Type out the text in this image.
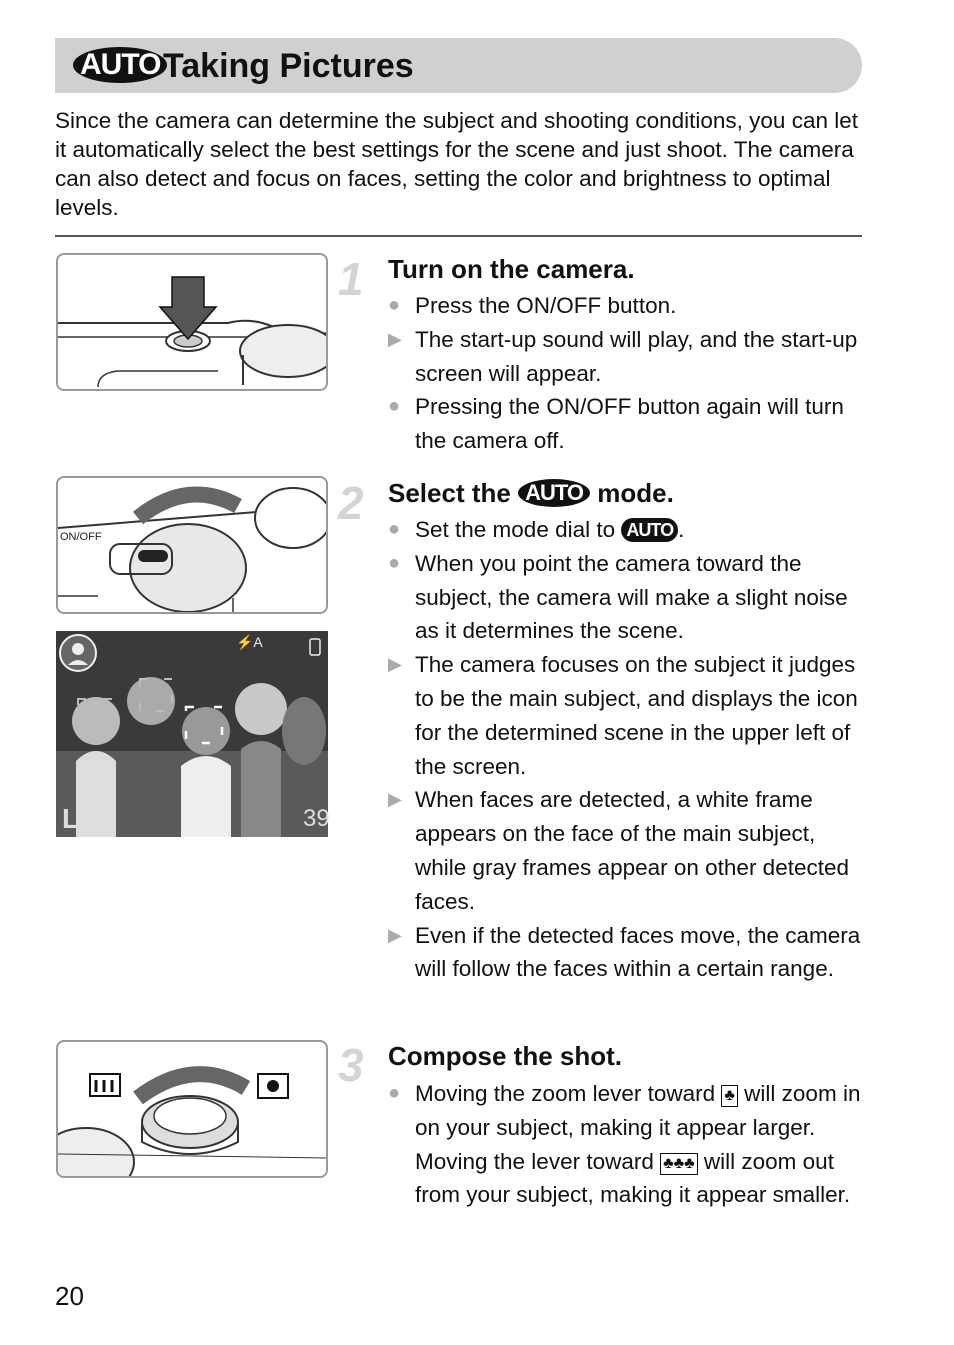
AUTO Taking Pictures

Since the camera can determine the subject and shooting conditions, you can let it automatically select the best settings for the scene and just shoot. The camera can also detect and focus on faces, setting the color and brightness to optimal levels.

1 Turn on the camera.
● Press the ON/OFF button.
▶ The start-up sound will play, and the start-up screen will appear.
● Pressing the ON/OFF button again will turn the camera off.
ON/OFF
⚡A
L	39
2 Select the AUTO mode.
● Set the mode dial to AUTO .
● When you point the camera toward the subject, the camera will make a slight noise as it determines the scene.
▶ The camera focuses on the subject it judges to be the main subject, and displays the icon for the determined scene in the upper left of the screen.
▶ When faces are detected, a white frame appears on the face of the main subject, while gray frames appear on other detected faces.
▶ Even if the detected faces move, the camera will follow the faces within a certain range.
3 Compose the shot.
● Moving the zoom lever toward ♣ will zoom in on your subject, making it appear larger. Moving the lever toward ♣♣♣ will zoom out from your subject, making it appear smaller.
20
